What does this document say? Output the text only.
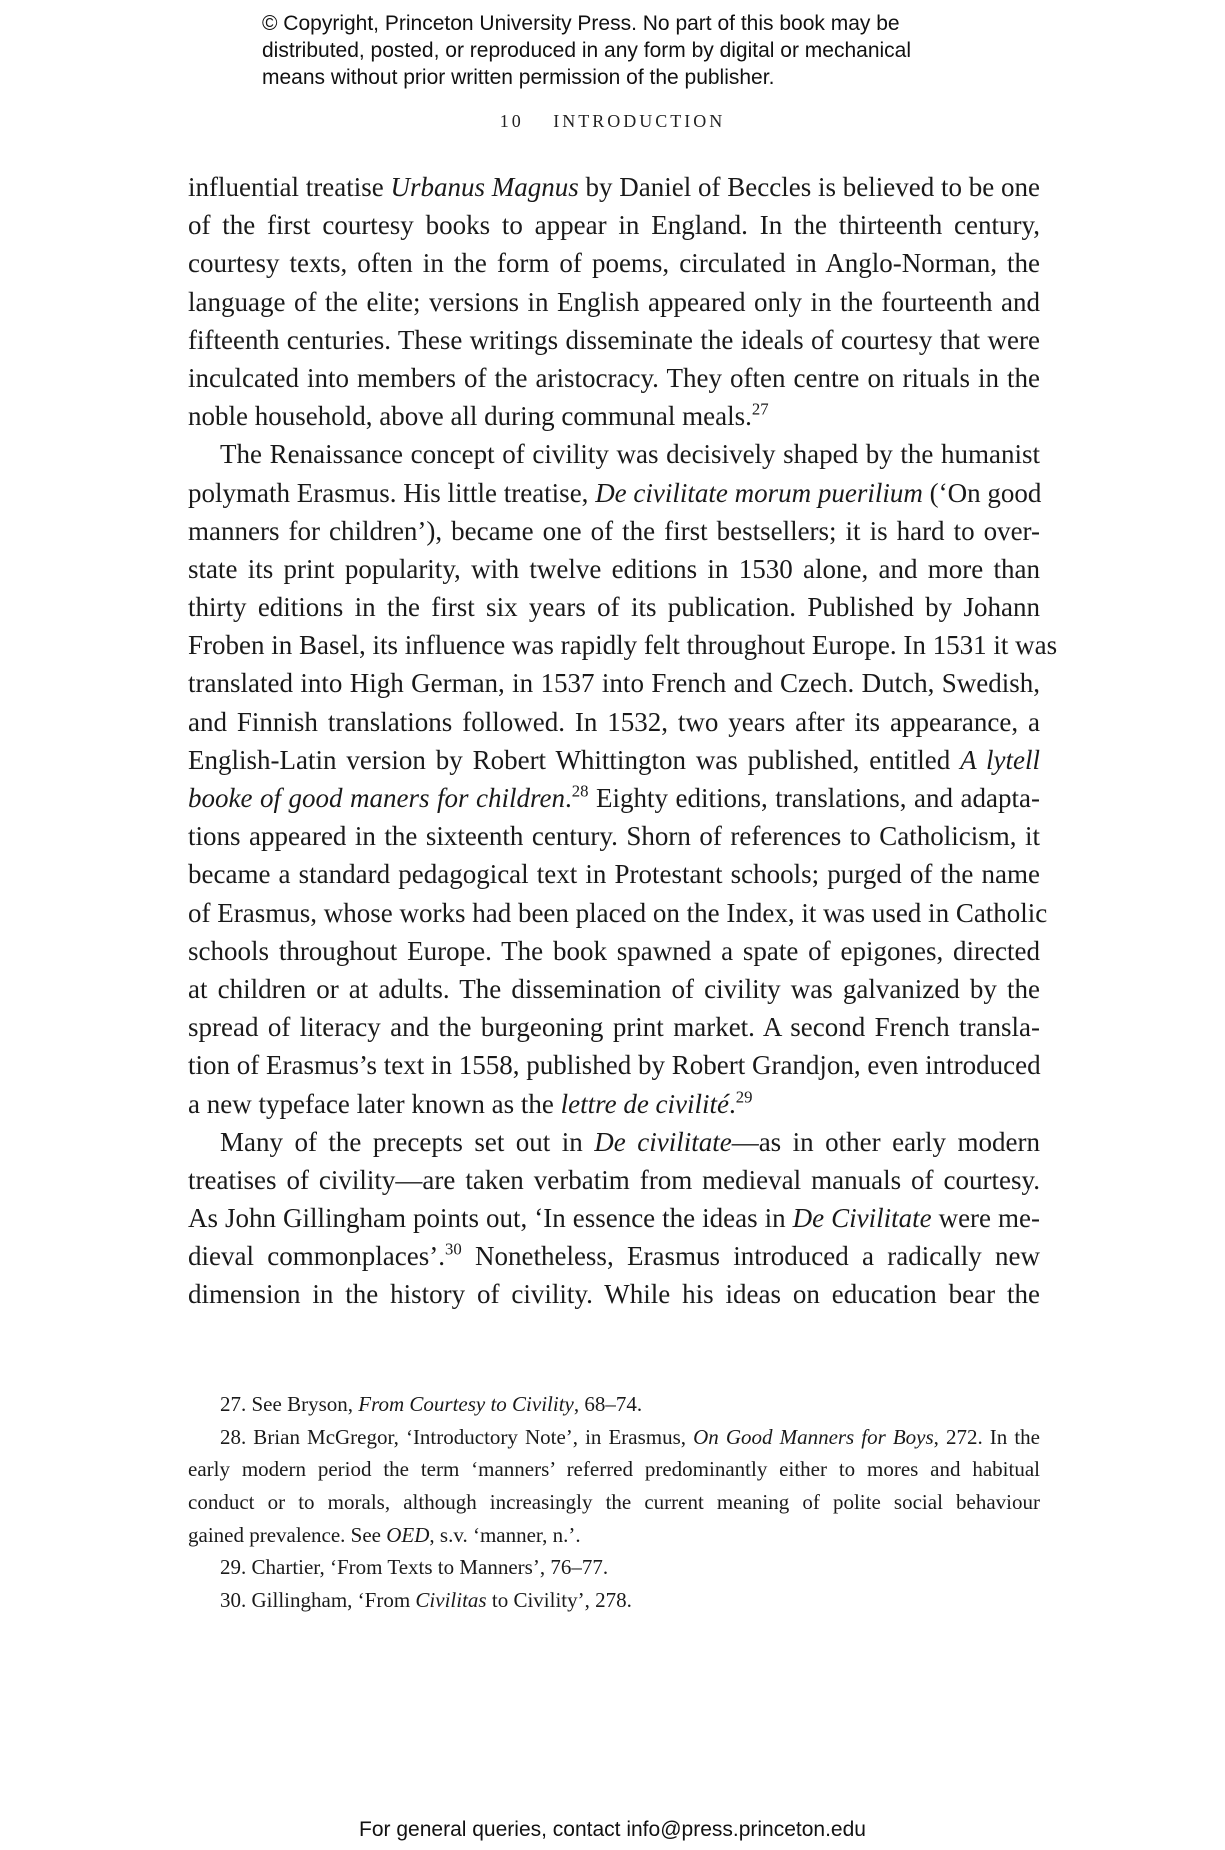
© Copyright, Princeton University Press. No part of this book may be
distributed, posted, or reproduced in any form by digital or mechanical
means without prior written permission of the publisher.
10 INTRODUCTION
influential treatise Urbanus Magnus by Daniel of Beccles is believed to be one
of the first courtesy books to appear in England. In the thirteenth century,
courtesy texts, often in the form of poems, circulated in Anglo-Norman, the
language of the elite; versions in English appeared only in the fourteenth and
fifteenth centuries. These writings disseminate the ideals of courtesy that were
inculcated into members of the aristocracy. They often centre on rituals in the
noble household, above all during communal meals.$^{27}$
The Renaissance concept of civility was decisively shaped by the humanist
polymath Erasmus. His little treatise, De civilitate morum puerilium (‘On good
manners for children’), became one of the first bestsellers; it is hard to over-
state its print popularity, with twelve editions in 1530 alone, and more than
thirty editions in the first six years of its publication. Published by Johann
Froben in Basel, its influence was rapidly felt throughout Europe. In 1531 it was
translated into High German, in 1537 into French and Czech. Dutch, Swedish,
and Finnish translations followed. In 1532, two years after its appearance, a
English-Latin version by Robert Whittington was published, entitled A lytell
booke of good maners for children.$^{28}$ Eighty editions, translations, and adapta-
tions appeared in the sixteenth century. Shorn of references to Catholicism, it
became a standard pedagogical text in Protestant schools; purged of the name
of Erasmus, whose works had been placed on the Index, it was used in Catholic
schools throughout Europe. The book spawned a spate of epigones, directed
at children or at adults. The dissemination of civility was galvanized by the
spread of literacy and the burgeoning print market. A second French transla-
tion of Erasmus’s text in 1558, published by Robert Grandjon, even introduced
a new typeface later known as the lettre de civilité.$^{29}$
Many of the precepts set out in De civilitate—as in other early modern
treatises of civility—are taken verbatim from medieval manuals of courtesy.
As John Gillingham points out, ‘In essence the ideas in De Civilitate were me-
dieval commonplaces’.$^{30}$ Nonetheless, Erasmus introduced a radically new
dimension in the history of civility. While his ideas on education bear the
27. See Bryson, From Courtesy to Civility, 68–74.
28. Brian McGregor, ‘Introductory Note’, in Erasmus, On Good Manners for Boys, 272. In the
early modern period the term ‘manners’ referred predominantly either to mores and habitual
conduct or to morals, although increasingly the current meaning of polite social behaviour
gained prevalence. See OED, s.v. ‘manner, n.’.
29. Chartier, ‘From Texts to Manners’, 76–77.
30. Gillingham, ‘From Civilitas to Civility’, 278.
For general queries, contact info@press.princeton.edu
